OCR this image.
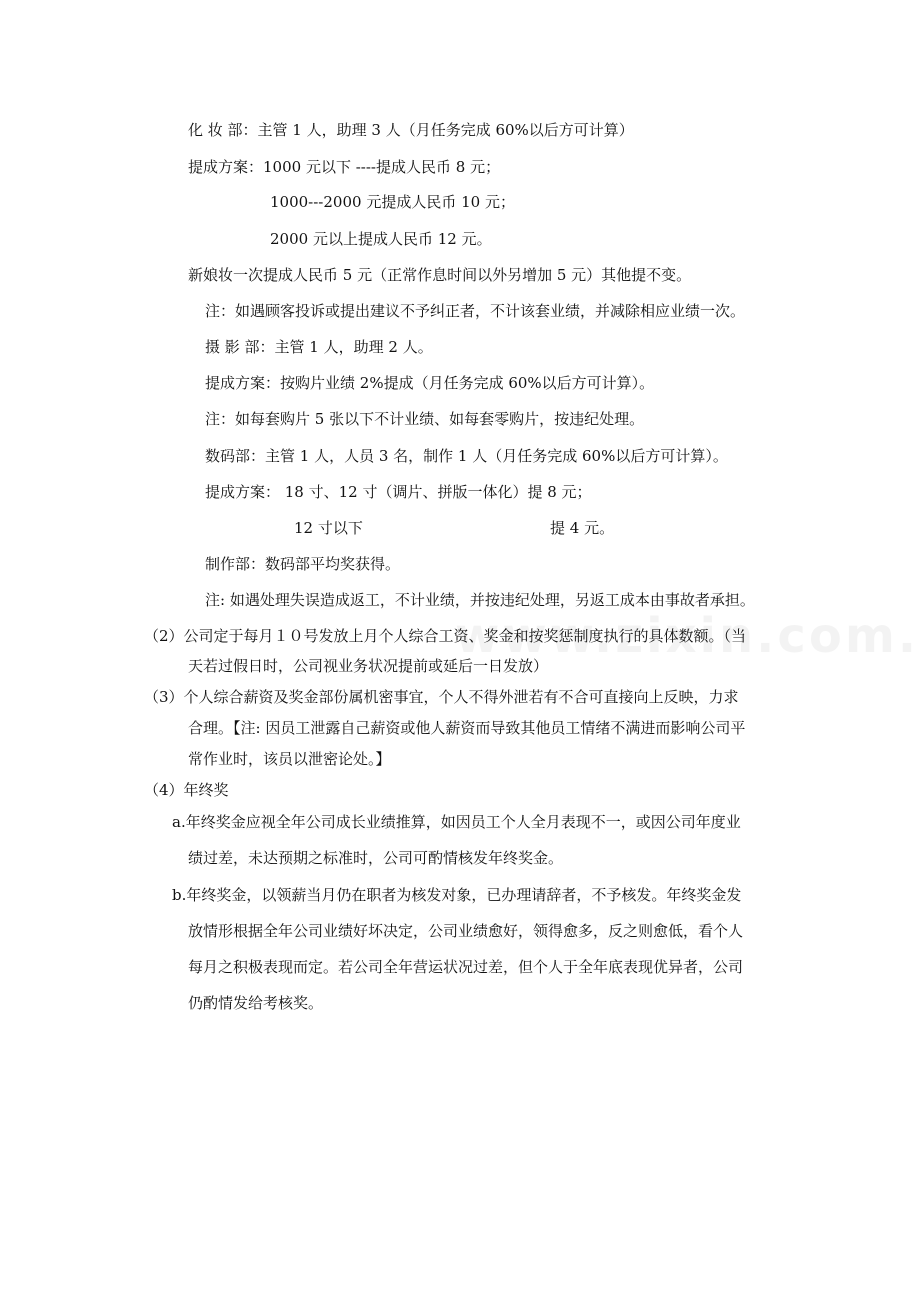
化 妆 部：主管 1 人，助理 3 人（月任务完成 60%以后方可计算）
提成方案：1000 元以下 ----提成人民币 8 元；
1000---2000 元提成人民币 10 元；
2000 元以上提成人民币 12 元。
新娘妆一次提成人民币 5 元（正常作息时间以外另增加 5 元）其他提不变。
注：如遇顾客投诉或提出建议不予纠正者，不计该套业绩，并减除相应业绩一次。
摄 影 部：主管 1 人，助理 2 人。
提成方案：按购片业绩 2%提成（月任务完成 60%以后方可计算）。
注：如每套购片 5 张以下不计业绩、如每套零购片，按违纪处理。
数码部：主管 1 人，人员 3 名，制作 1 人（月任务完成 60%以后方可计算）。
提成方案： 18 寸、12 寸（调片、拼版一体化）提 8 元；
12 寸以下	提 4 元。
制作部：数码部平均奖获得。
注: 如遇处理失误造成返工，不计业绩，并按违纪处理，另返工成本由事故者承担。
（2）公司定于每月１０号发放上月个人综合工资、奖金和按奖惩制度执行的具体数额。（当
天若过假日时，公司视业务状况提前或延后一日发放）
（3）个人综合薪资及奖金部份属机密事宜，个人不得外泄若有不合可直接向上反映，力求
合理。【注: 因员工泄露自己薪资或他人薪资而导致其他员工情绪不满进而影响公司平
常作业时，该员以泄密论处。】
（4）年终奖
a.年终奖金应视全年公司成长业绩推算，如因员工个人全月表现不一，或因公司年度业
绩过差，未达预期之标准时，公司可酌情核发年终奖金。
b.年终奖金，以领薪当月仍在职者为核发对象，已办理请辞者，不予核发。年终奖金发
放情形根据全年公司业绩好坏决定，公司业绩愈好，领得愈多，反之则愈低，看个人
每月之积极表现而定。若公司全年营运状况过差，但个人于全年底表现优异者，公司
仍酌情发给考核奖。
